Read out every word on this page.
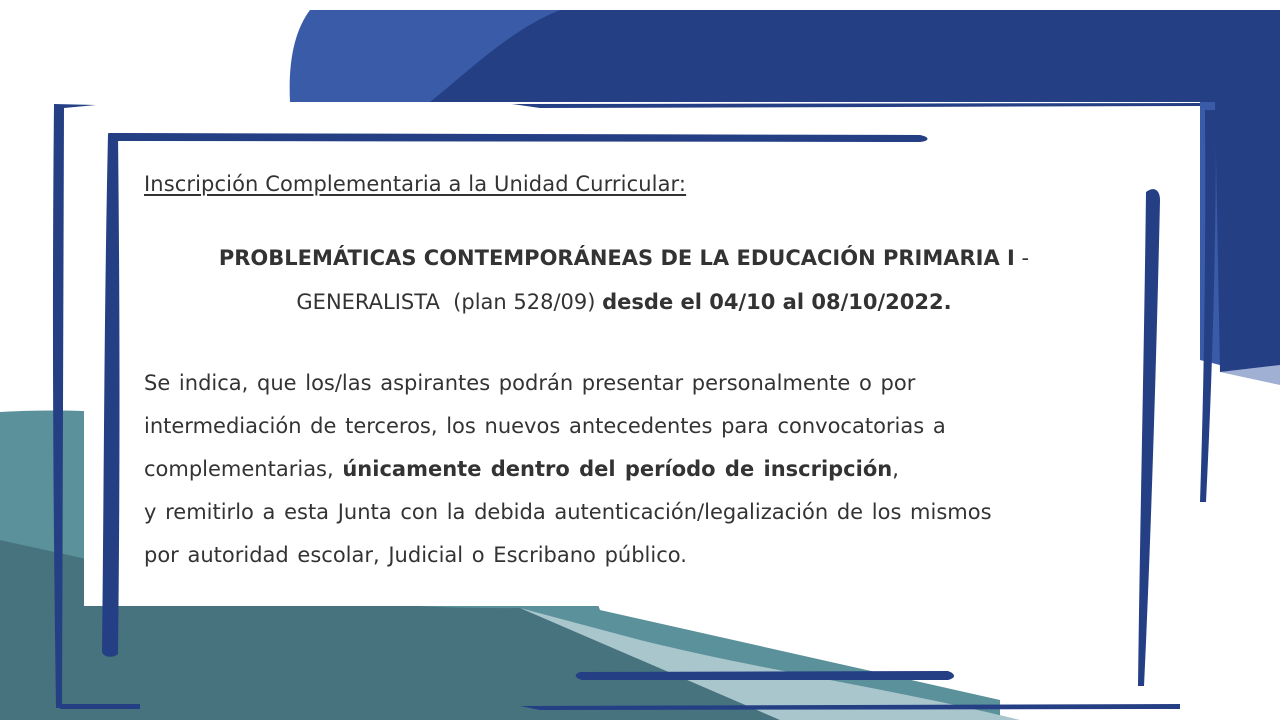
Inscripción Complementaria a la Unidad Curricular:
PROBLEMÁTICAS CONTEMPORÁNEAS DE LA EDUCACIÓN PRIMARIA I -
GENERALISTA  (plan 528/09) desde el 04/10 al 08/10/2022.
Se indica, que los/las aspirantes podrán presentar personalmente o por
intermediación de terceros, los nuevos antecedentes para convocatorias a
complementarias, únicamente dentro del período de inscripción,
y remitirlo a esta Junta con la debida autenticación/legalización de los mismos
por autoridad escolar, Judicial o Escribano público.
